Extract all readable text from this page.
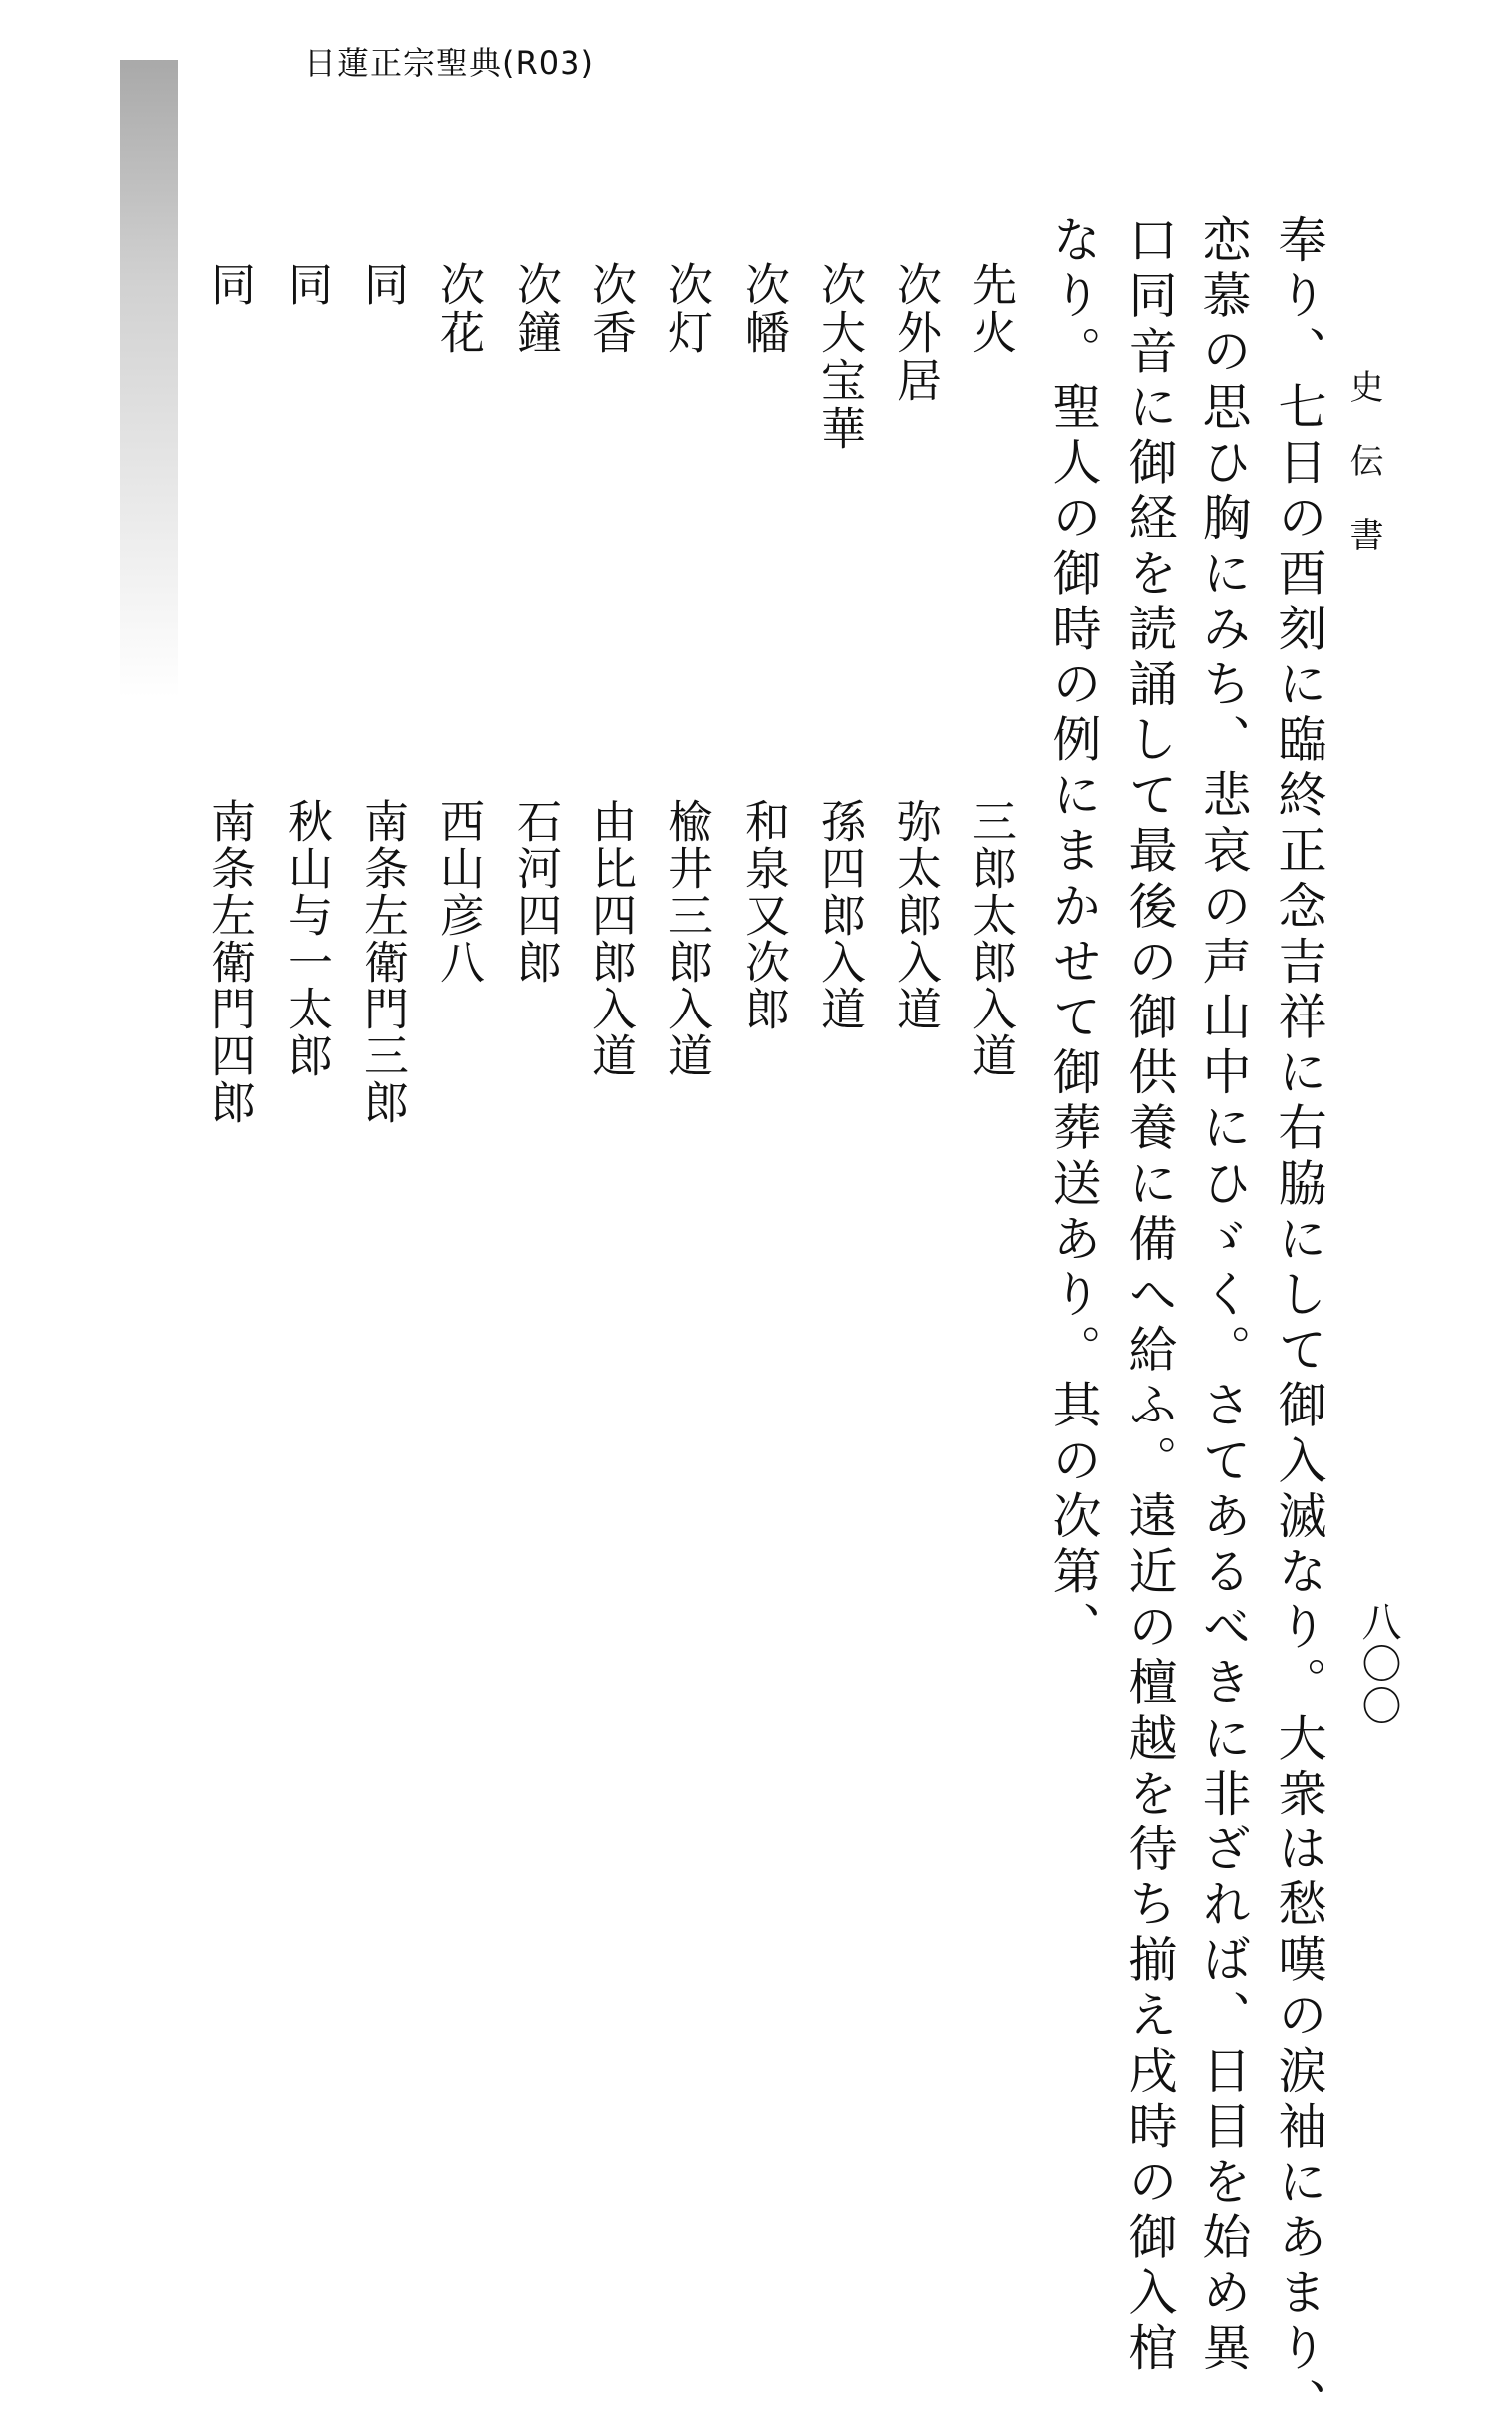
日蓮正宗聖典(R03)
史伝書
八〇〇
奉り、七日の酉刻に臨終正念吉祥に右脇にして御入滅なり。大衆は愁嘆の涙袖にあまり、
恋慕の思ひ胸にみち、悲哀の声山中にひゞく。さてあるべきに非ざれば、日目を始め異
口同音に御経を読誦して最後の御供養に備へ給ふ。遠近の檀越を待ち揃え戌時の御入棺
なり。聖人の御時の例にまかせて御葬送あり。其の次第、
先火
三郎太郎入道
次外居
弥太郎入道
次大宝華
孫四郎入道
次幡
和泉又次郎
次灯
楡井三郎入道
次香
由比四郎入道
次鐘
石河四郎
次花
西山彦八
同
南条左衛門三郎
同
秋山与一太郎
同
南条左衛門四郎
